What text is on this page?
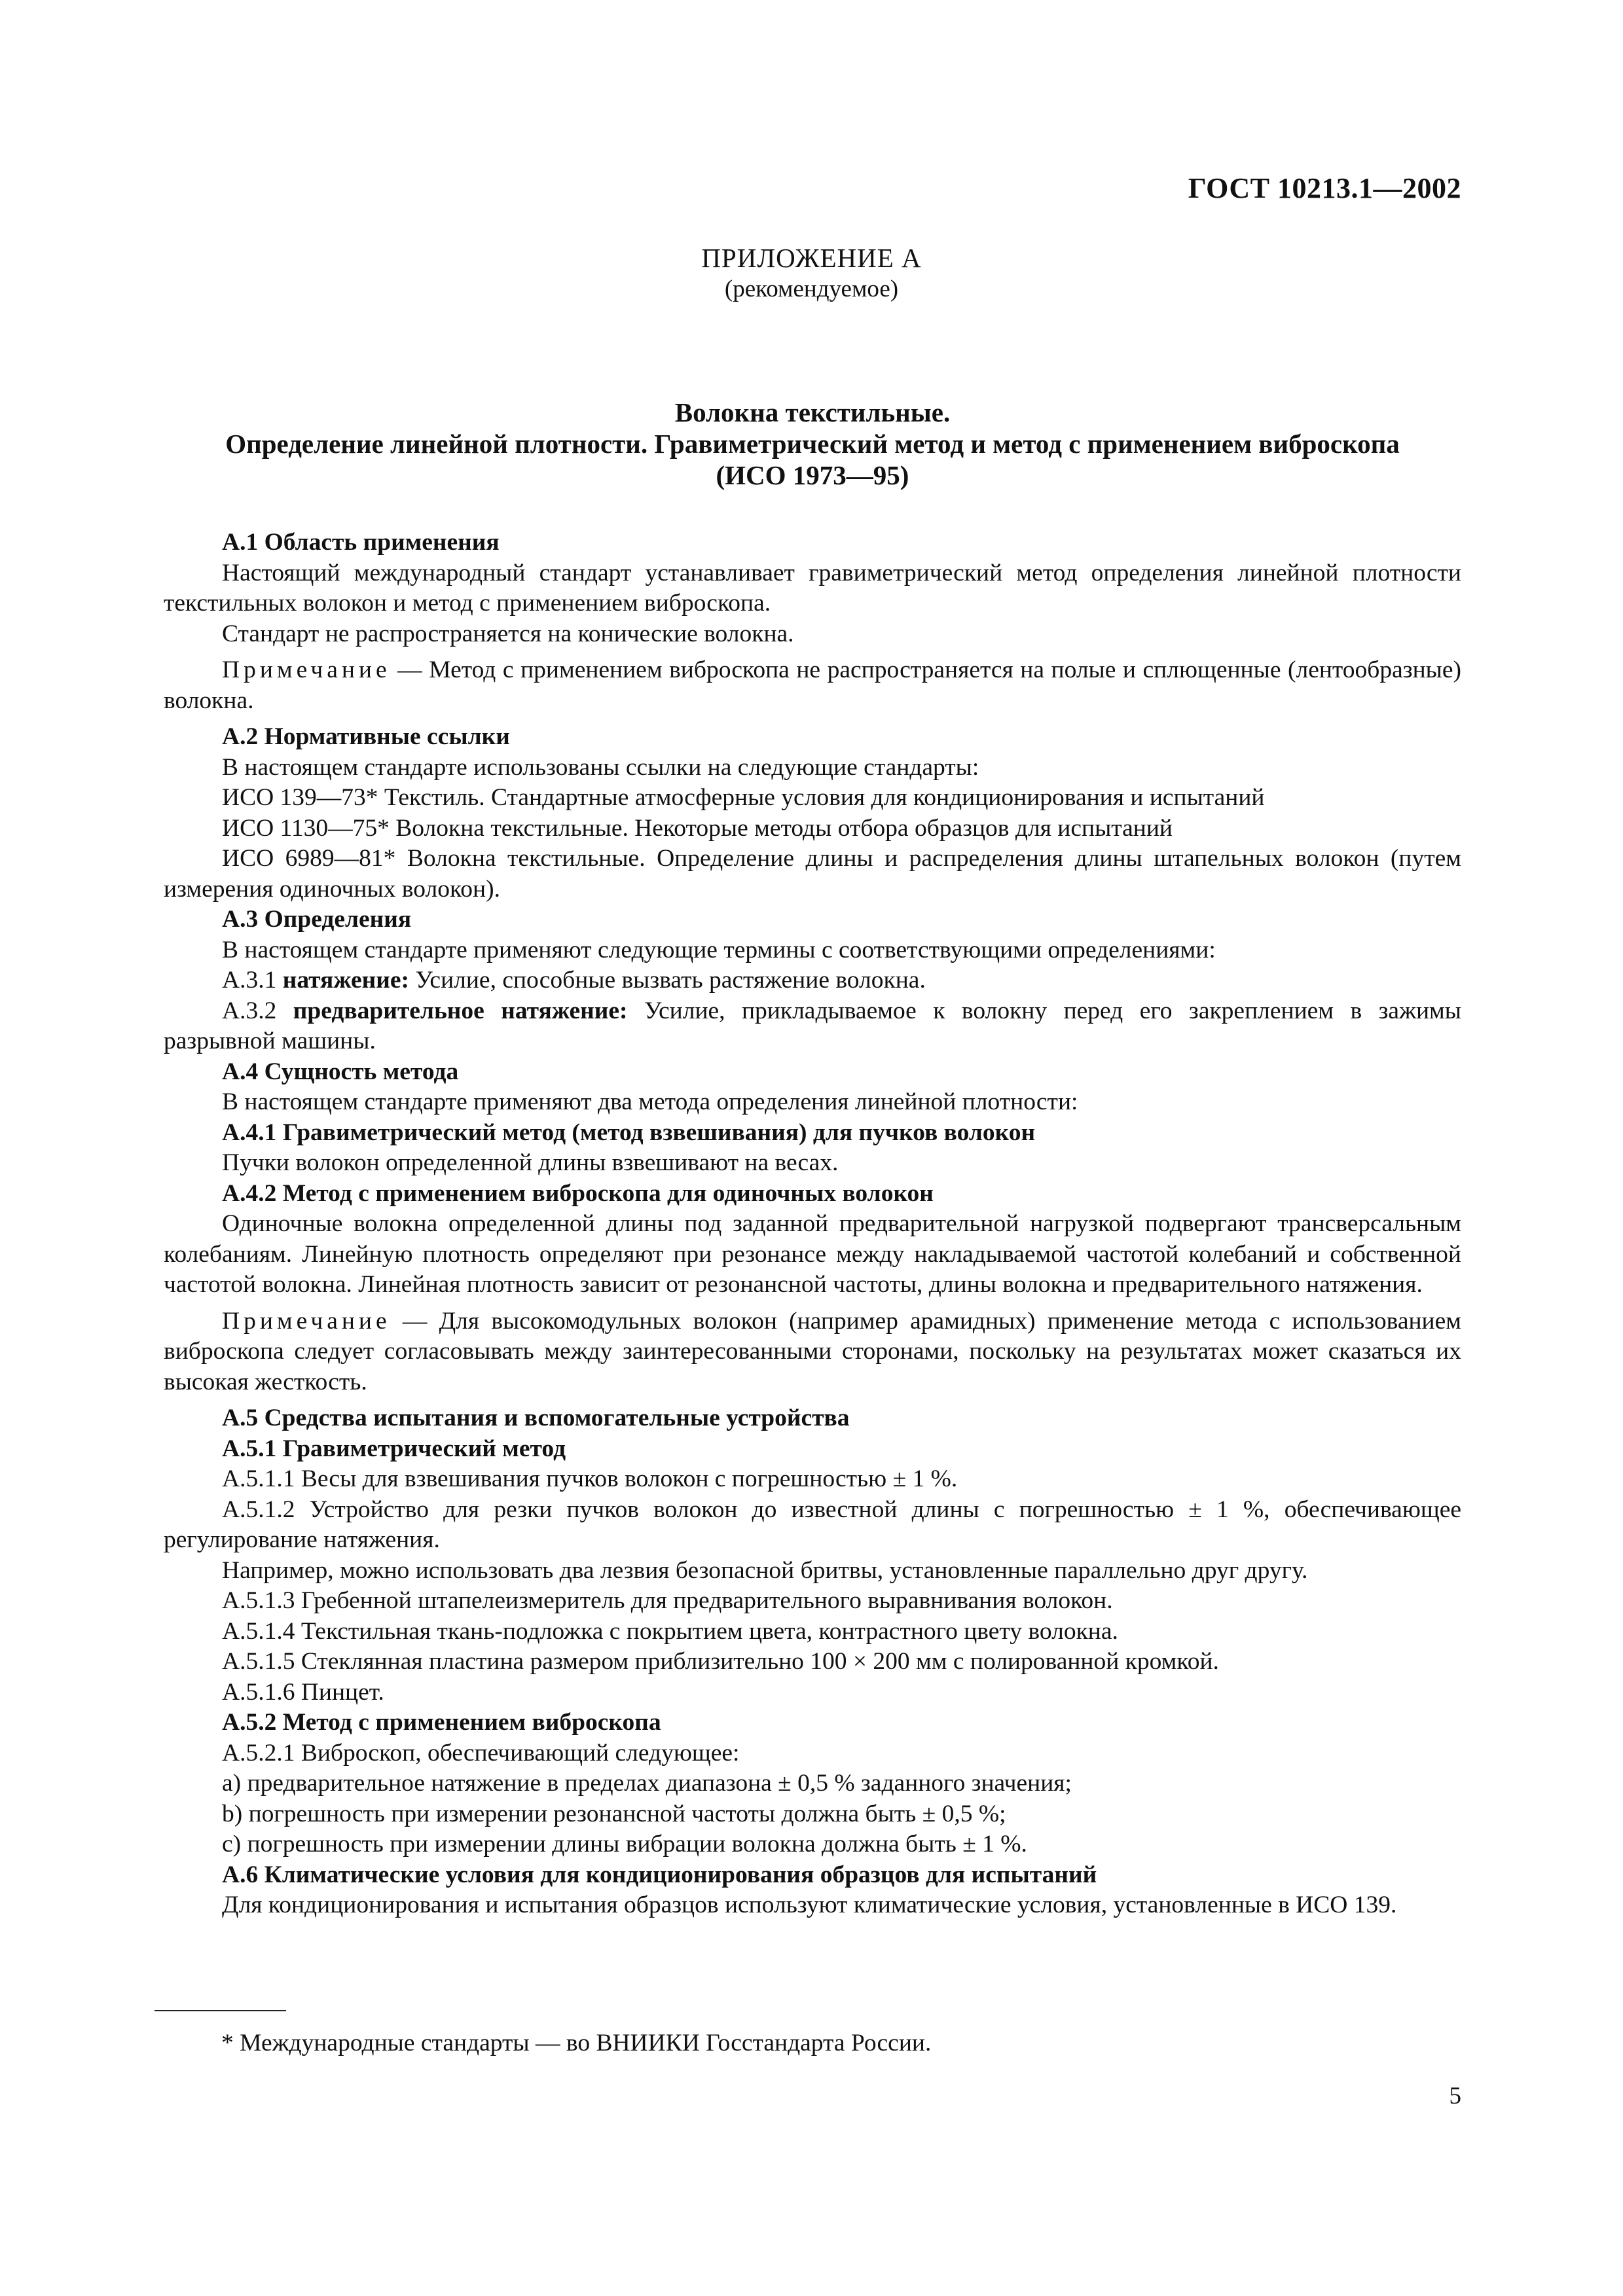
ГОСТ 10213.1—2002
ПРИЛОЖЕНИЕ А
(рекомендуемое)
Волокна текстильные.
Определение линейной плотности. Гравиметрический метод и метод с применением виброскопа
(ИСО 1973—95)

А.1 Область применения

Настоящий международный стандарт устанавливает гравиметрический метод определения линейной плотности текстильных волокон и метод с применением виброскопа.

Стандарт не распространяется на конические волокна.

Примечание — Метод с применением виброскопа не распространяется на полые и сплющенные (лентообразные) волокна.

А.2 Нормативные ссылки

В настоящем стандарте использованы ссылки на следующие стандарты:

ИСО 139—73* Текстиль. Стандартные атмосферные условия для кондиционирования и испытаний

ИСО 1130—75* Волокна текстильные. Некоторые методы отбора образцов для испытаний

ИСО 6989—81* Волокна текстильные. Определение длины и распределения длины штапельных волокон (путем измерения одиночных волокон).

А.3 Определения

В настоящем стандарте применяют следующие термины с соответствующими определениями:

А.3.1 натяжение: Усилие, способные вызвать растяжение волокна.

А.3.2 предварительное натяжение: Усилие, прикладываемое к волокну перед его закреплением в зажимы разрывной машины.

А.4 Сущность метода

В настоящем стандарте применяют два метода определения линейной плотности:

А.4.1 Гравиметрический метод (метод взвешивания) для пучков волокон

Пучки волокон определенной длины взвешивают на весах.

А.4.2 Метод с применением виброскопа для одиночных волокон

Одиночные волокна определенной длины под заданной предварительной нагрузкой подвергают трансверсальным колебаниям. Линейную плотность определяют при резонансе между накладываемой частотой колебаний и собственной частотой волокна. Линейная плотность зависит от резонансной частоты, длины волокна и предварительного натяжения.

Примечание — Для высокомодульных волокон (например арамидных) применение метода с использованием виброскопа следует согласовывать между заинтересованными сторонами, поскольку на результатах может сказаться их высокая жесткость.

А.5 Средства испытания и вспомогательные устройства

А.5.1 Гравиметрический метод

А.5.1.1 Весы для взвешивания пучков волокон с погрешностью ± 1 %.

А.5.1.2 Устройство для резки пучков волокон до известной длины с погрешностью ± 1 %, обеспечивающее регулирование натяжения.

Например, можно использовать два лезвия безопасной бритвы, установленные параллельно друг другу.

А.5.1.3 Гребенной штапелеизмеритель для предварительного выравнивания волокон.

А.5.1.4 Текстильная ткань-подложка с покрытием цвета, контрастного цвету волокна.

А.5.1.5 Стеклянная пластина размером приблизительно 100 × 200 мм с полированной кромкой.

А.5.1.6 Пинцет.

А.5.2 Метод с применением виброскопа

А.5.2.1 Виброскоп, обеспечивающий следующее:

a) предварительное натяжение в пределах диапазона ± 0,5 % заданного значения;

b) погрешность при измерении резонансной частоты должна быть ± 0,5 %;

c) погрешность при измерении длины вибрации волокна должна быть ± 1 %.

А.6 Климатические условия для кондиционирования образцов для испытаний

Для кондиционирования и испытания образцов используют климатические условия, установленные в ИСО 139.

* Международные стандарты — во ВНИИКИ Госстандарта России.
5
